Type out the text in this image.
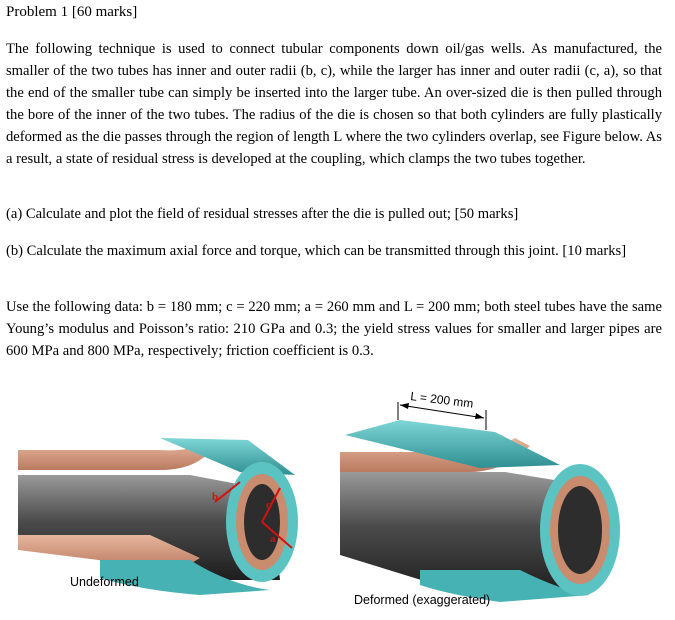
Problem 1 [60 marks]
The following technique is used to connect tubular components down oil/gas wells. As manufactured, the smaller of the two tubes has inner and outer radii (b, c), while the larger has inner and outer radii (c, a), so that the end of the smaller tube can simply be inserted into the larger tube. An over-sized die is then pulled through the bore of the inner of the two tubes. The radius of the die is chosen so that both cylinders are fully plastically deformed as the die passes through the region of length L where the two cylinders overlap, see Figure below. As a result, a state of residual stress is developed at the coupling, which clamps the two tubes together.
(a) Calculate and plot the field of residual stresses after the die is pulled out; [50 marks]
(b) Calculate the maximum axial force and torque, which can be transmitted through this joint. [10 marks]
Use the following data: b = 180 mm; c = 220 mm; a = 260 mm and L = 200 mm; both steel tubes have the same Young’s modulus and Poisson’s ratio: 210 GPa and 0.3; the yield stress values for smaller and larger pipes are 600 MPa and 800 MPa, respectively; friction coefficient is 0.3.
b
c
a
Undeformed
L = 200 mm
Deformed (exaggerated)
